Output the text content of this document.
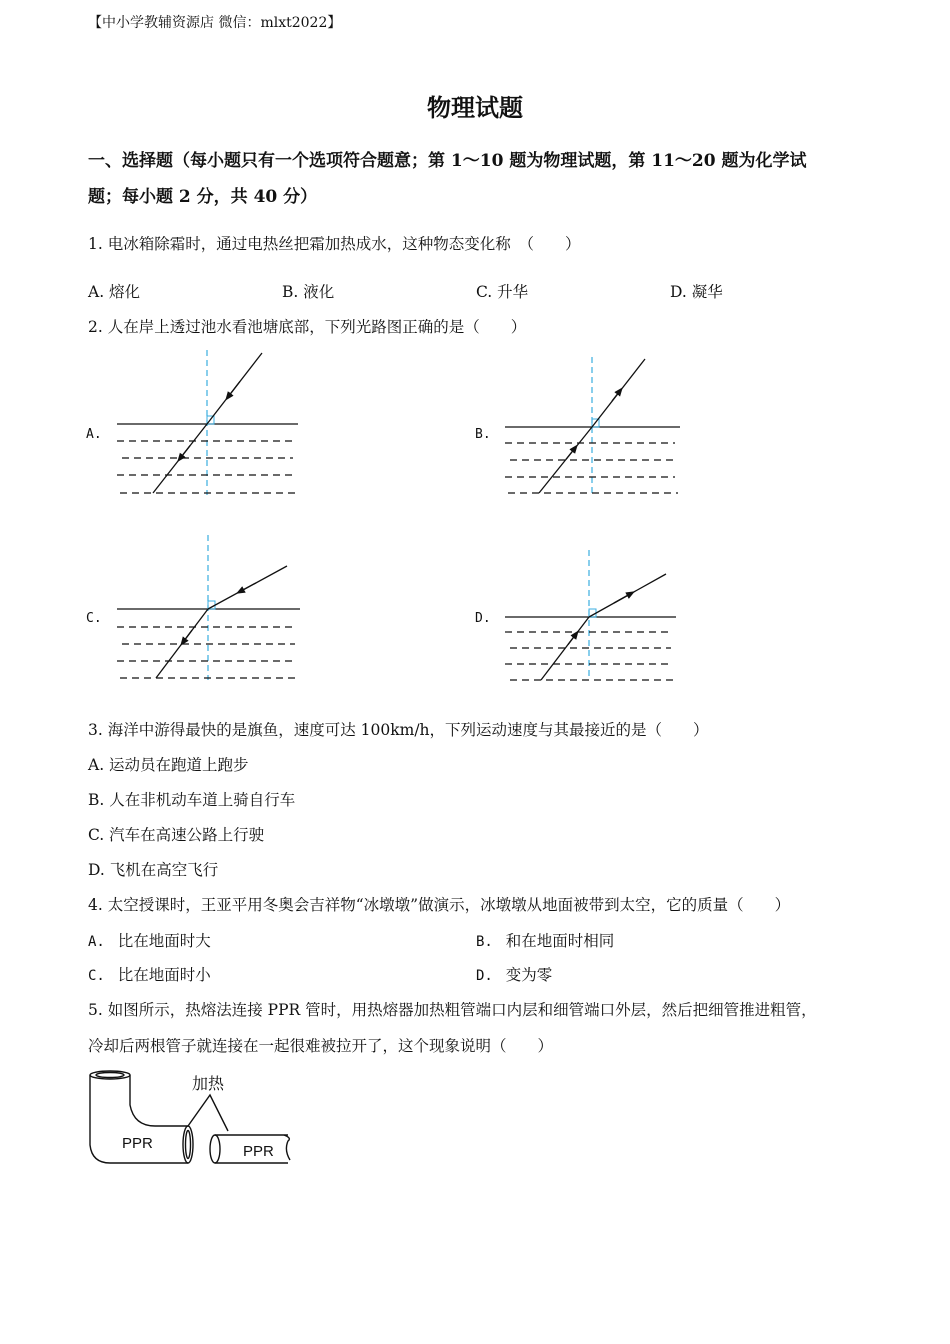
【中小学教辅资源店 微信：mlxt2022】
物理试题
一、选择题（每小题只有一个选项符合题意；第 1～10 题为物理试题，第 11～20 题为化学试
题；每小题 2 分，共 40 分）
1. 电冰箱除霜时，通过电热丝把霜加热成水，这种物态变化称　（　　）
A. 熔化	B. 液化	C. 升华	D. 凝华
2. 人在岸上透过池水看池塘底部，下列光路图正确的是（　　）
A.	B.
C.	D.
3. 海洋中游得最快的是旗鱼，速度可达 100km/h，下列运动速度与其最接近的是（　　）
A. 运动员在跑道上跑步
B. 人在非机动车道上骑自行车
C. 汽车在高速公路上行驶
D. 飞机在高空飞行
4. 太空授课时，王亚平用冬奥会吉祥物“冰墩墩”做演示，冰墩墩从地面被带到太空，它的质量（　　）
A. 比在地面时大	B. 和在地面时相同
C. 比在地面时小	D. 变为零
5. 如图所示，热熔法连接 PPR 管时，用热熔器加热粗管端口内层和细管端口外层，然后把细管推进粗管，
冷却后两根管子就连接在一起很难被拉开了，这个现象说明（　　）
加热
PPR	PPR
